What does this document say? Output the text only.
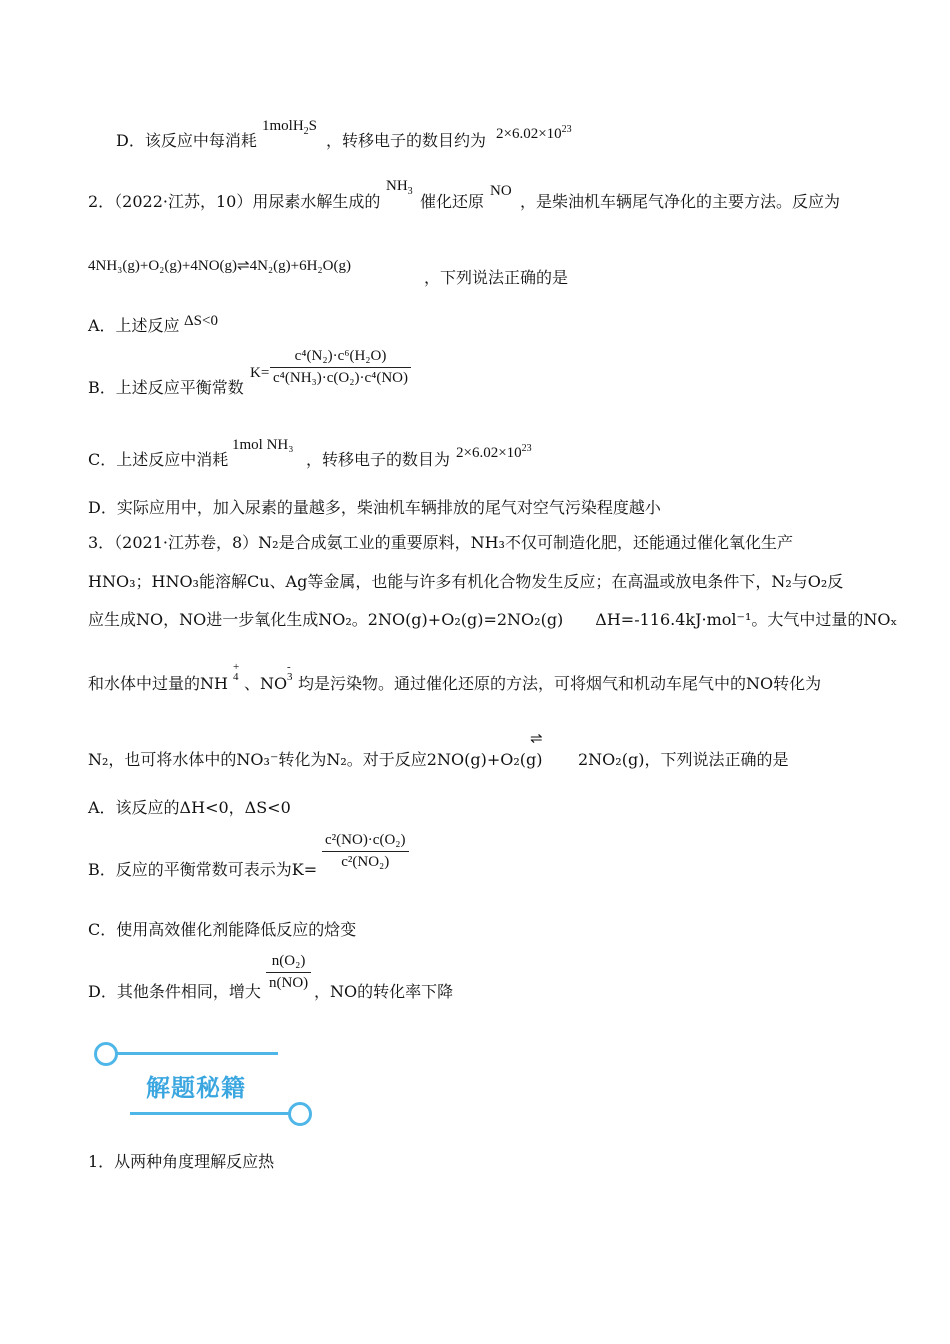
D．该反应中每消耗
1molH$_2$S
，转移电子的数目约为 $2\times 6.02\times 10^{23}$
2．（2022·江苏，10）用尿素水解生成的
$NH_3$
催化还原
NO
，是柴油机车辆尾气净化的主要方法。反应为
4NH₃(g)+O₂(g)+4NO(g)⇌4N₂(g)+6H₂O(g)
，下列说法正确的是
A．上述反应 ΔS<0
B．上述反应平衡常数
$K= \frac{\text{c⁴(N₂)·c⁶(H₂O)}}{\text{c⁴(NH₃)·c(O₂)·c⁴(NO)}}$
C．上述反应中消耗
1mol NH₃
，转移电子的数目为 $2\times 6.02\times 10^{23}$
D．实际应用中，加入尿素的量越多，柴油机车辆排放的尾气对空气污染程度越小
3．（2021·江苏卷，8）N₂是合成氨工业的重要原料，NH₃不仅可制造化肥，还能通过催化氧化生产
HNO₃；HNO₃能溶解Cu、Ag等金属，也能与许多有机化合物发生反应；在高温或放电条件下，N₂与O₂反
应生成NO，NO进一步氧化生成NO₂。2NO(g)+O₂(g)=2NO₂(g)　　ΔH=-116.4kJ·mol⁻¹。大气中过量的NOₓ
和水体中过量的NH
+
4 、NO
-
3 均是污染物。通过催化还原的方法，可将烟气和机动车尾气中的NO转化为
N₂，也可将水体中的NO₃⁻转化为N₂。对于反应2NO(g)+O₂(g)
⇌
2NO₂(g)，下列说法正确的是
A．该反应的ΔH<0，ΔS<0
B．反应的平衡常数可表示为$K= \frac{\text{c²(NO)·c(O₂)}}{\text{c²(NO₂)}}$
C．使用高效催化剂能降低反应的焓变
D．其他条件相同，增大 $\frac{\text{n(O₂)}}{n(NO)}$ ，NO的转化率下降
解题秘籍
1．从两种角度理解反应热
